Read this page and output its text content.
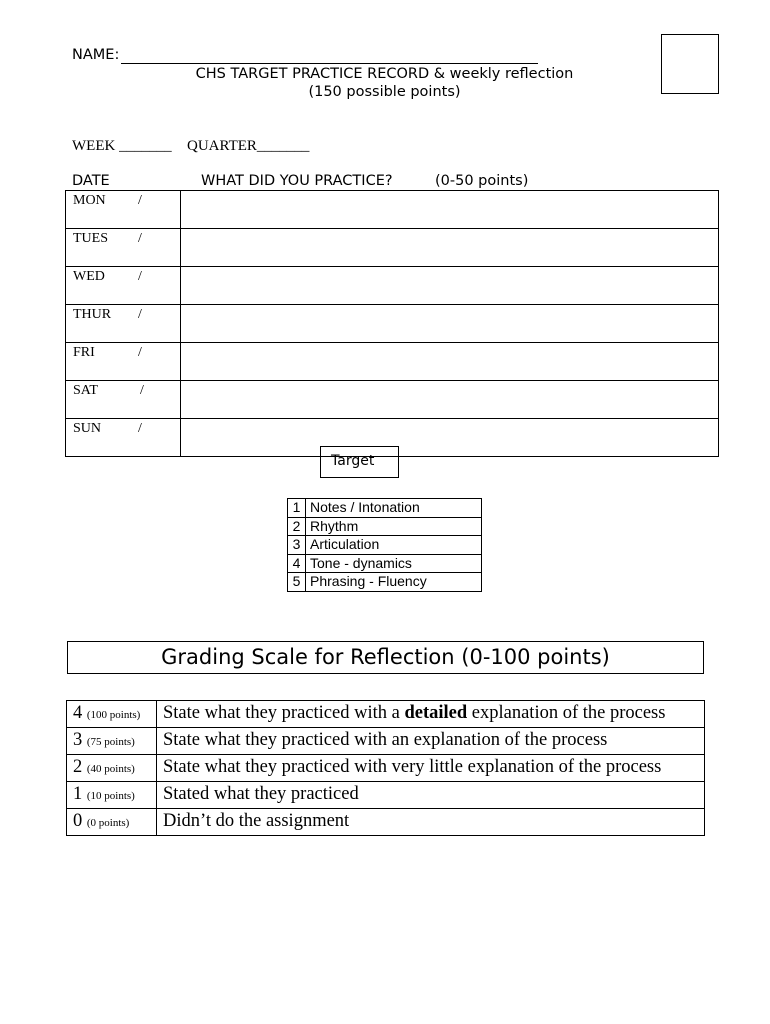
NAME:
CHS TARGET PRACTICE RECORD & weekly reflection
(150 possible points)
WEEK _______ QUARTER_______
DATE	WHAT DID YOU PRACTICE?	(0-50 points)
MON /	
TUES /	
WED /	
THUR /	
FRI /	
SAT /	
SUN /	
Target
1	Notes / Intonation
2	Rhythm
3	Articulation
4	Tone - dynamics
5	Phrasing - Fluency
Grading Scale for Reflection (0-100 points)
4 (100 points)	State what they practiced with a detailed explanation of the process
3 (75 points)	State what they practiced with an explanation of the process
2 (40 points)	State what they practiced with very little explanation of the process
1 (10 points)	Stated what they practiced
0 (0 points)	Didn’t do the assignment
